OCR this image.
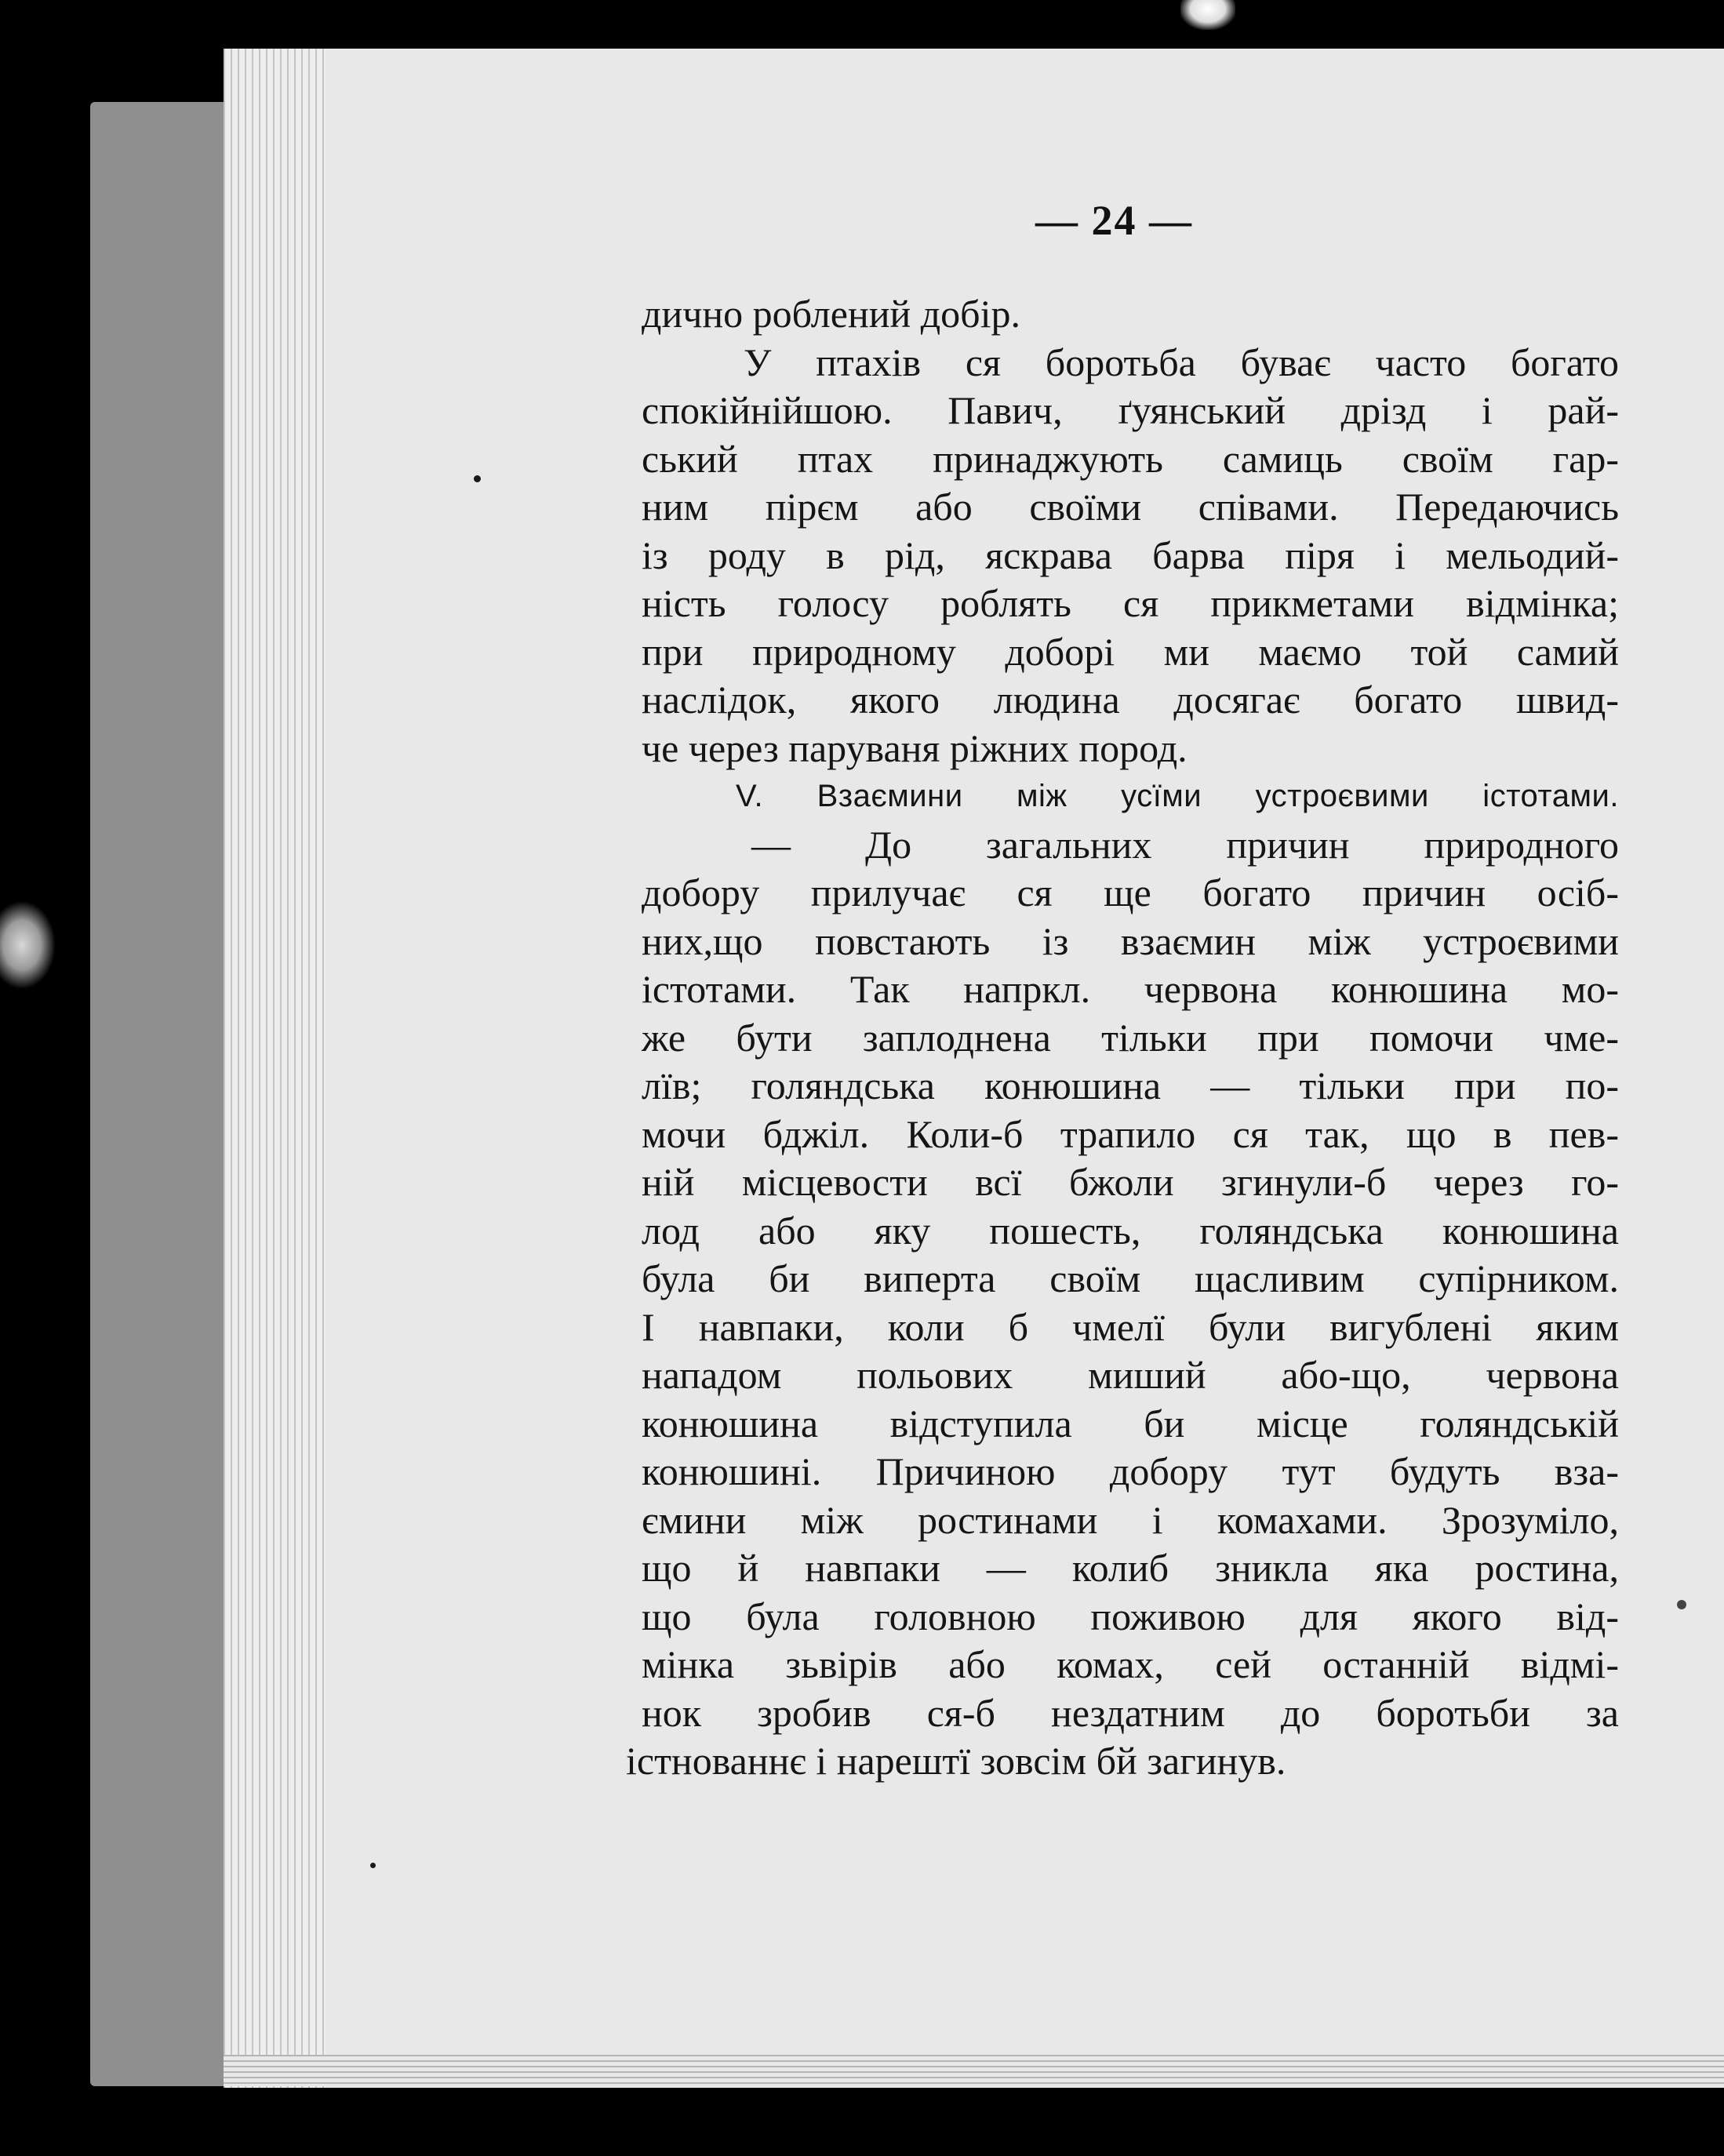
— 24 —
дично роблений добір.
У птахів ся боротьба буває часто богато
спокійнійшою. Павич, ґуянський дрізд і рай-
ський птах принаджують самиць своїм гар-
ним пірєм або своїми співами. Передаючись
із роду в рід, яскрава барва піря і мельодий-
ність голосу роблять ся прикметами відмінка;
при природному доборі ми маємо той самий
наслідок, якого людина досягає богато швид-
че через паруваня ріжних пород.
V. Взаємини між усїми устроєвими істотами.
— До загальних причин природного
добору прилучає ся ще богато причин осіб-
них,що повстають із взаємин між устроєвими
істотами. Так напркл. червона конюшина мо-
же бути заплоднена тільки при помочи чме-
лїв; голяндська конюшина — тільки при по-
мочи бджіл. Коли-б трапило ся так, що в пев-
ній місцевости всї бжоли згинули-б через го-
лод або яку пошесть, голяндська конюшина
була би виперта своїм щасливим супірником.
І навпаки, коли б чмелї були вигублені яким
нападом польових миший або-що, червона
конюшина відступила би місце голяндській
конюшині. Причиною добору тут будуть вза-
ємини між ростинами і комахами. Зрозуміло,
що й навпаки — колиб зникла яка ростина,
що була головною поживою для якого від-
мінка зьвірів або комах, сей останній відмі-
нок зробив ся-б нездатним до боротьби за
істнованнє і нарештї зовсім бй загинув.
